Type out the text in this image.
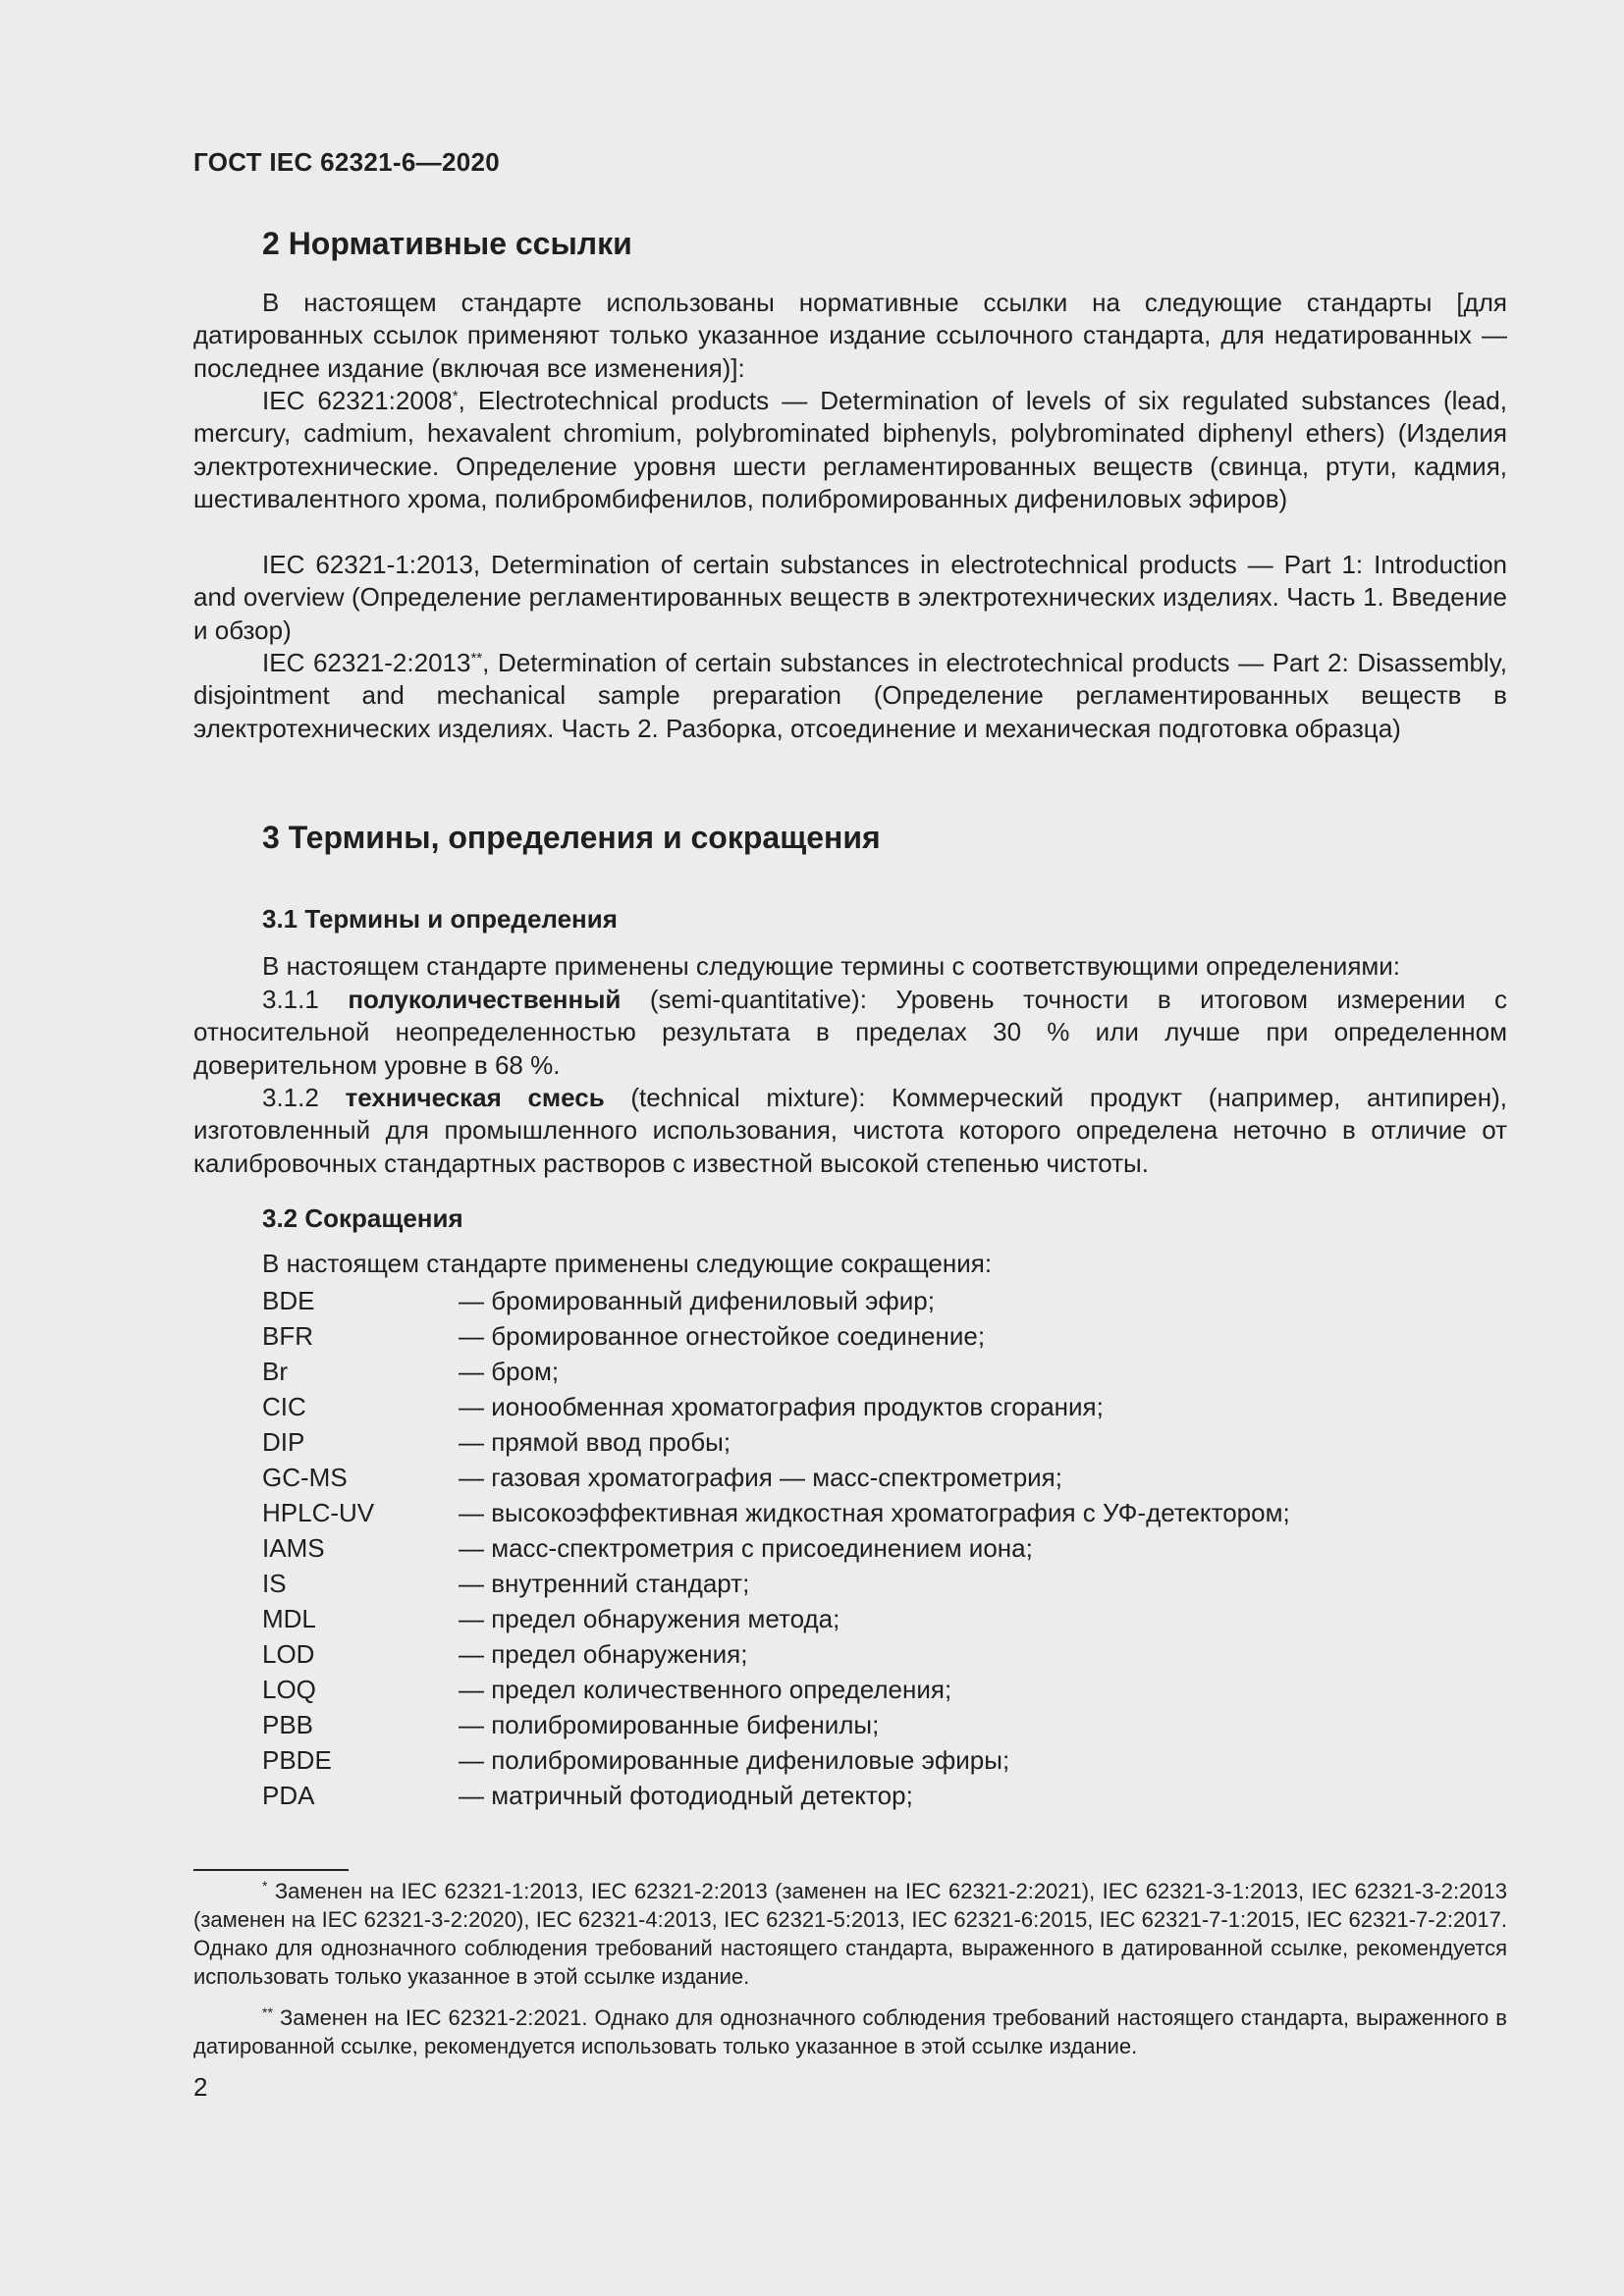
ГОСТ IEC 62321-6—2020
2 Нормативные ссылки

В настоящем стандарте использованы нормативные ссылки на следующие стандарты [для датированных ссылок применяют только указанное издание ссылочного стандарта, для недатированных — последнее издание (включая все изменения)]:

IEC 62321:2008*, Electrotechnical products — Determination of levels of six regulated substances (lead, mercury, cadmium, hexavalent chromium, polybrominated biphenyls, polybrominated diphenyl ethers) (Изделия электротехнические. Определение уровня шести регламентированных веществ (свинца, ртути, кадмия, шестивалентного хрома, полибромбифенилов, полибромированных дифениловых эфиров)

IEC 62321-1:2013, Determination of certain substances in electrotechnical products — Part 1: Introduction and overview (Определение регламентированных веществ в электротехнических изделиях. Часть 1. Введение и обзор)

IEC 62321-2:2013**, Determination of certain substances in electrotechnical products — Part 2: Disassembly, disjointment and mechanical sample preparation (Определение регламентированных веществ в электротехнических изделиях. Часть 2. Разборка, отсоединение и механическая подготовка образца)

3 Термины, определения и сокращения
3.1 Термины и определения

В настоящем стандарте применены следующие термины с соответствующими определениями:

3.1.1 полуколичественный (semi-quantitative): Уровень точности в итоговом измерении с относительной неопределенностью результата в пределах 30 % или лучше при определенном доверительном уровне в 68 %.

3.1.2 техническая смесь (technical mixture): Коммерческий продукт (например, антипирен), изготовленный для промышленного использования, чистота которого определена неточно в отличие от калибровочных стандартных растворов с известной высокой степенью чистоты.

3.2 Сокращения
В настоящем стандарте применены следующие сокращения:
BDE	— бромированный дифениловый эфир;
BFR	— бромированное огнестойкое соединение;
Br	— бром;
CIC	— ионообменная хроматография продуктов сгорания;
DIP	— прямой ввод пробы;
GC-MS	— газовая хроматография — масс-спектрометрия;
HPLC-UV	— высокоэффективная жидкостная хроматография с УФ-детектором;
IAMS	— масс-спектрометрия с присоединением иона;
IS	— внутренний стандарт;
MDL	— предел обнаружения метода;
LOD	— предел обнаружения;
LOQ	— предел количественного определения;
PBB	— полибромированные бифенилы;
PBDE	— полибромированные дифениловые эфиры;
PDA	— матричный фотодиодный детектор;

* Заменен на IEC 62321-1:2013, IEC 62321-2:2013 (заменен на IEC 62321-2:2021), IEC 62321-3-1:2013, IEC 62321-3-2:2013 (заменен на IEC 62321-3-2:2020), IEC 62321-4:2013, IEC 62321-5:2013, IEC 62321-6:2015, IEC 62321-7-1:2015, IEC 62321-7-2:2017. Однако для однозначного соблюдения требований настоящего стандарта, выраженного в датированной ссылке, рекомендуется использовать только указанное в этой ссылке издание.

** Заменен на IEC 62321-2:2021. Однако для однозначного соблюдения требований настоящего стандарта, выраженного в датированной ссылке, рекомендуется использовать только указанное в этой ссылке издание.

2
